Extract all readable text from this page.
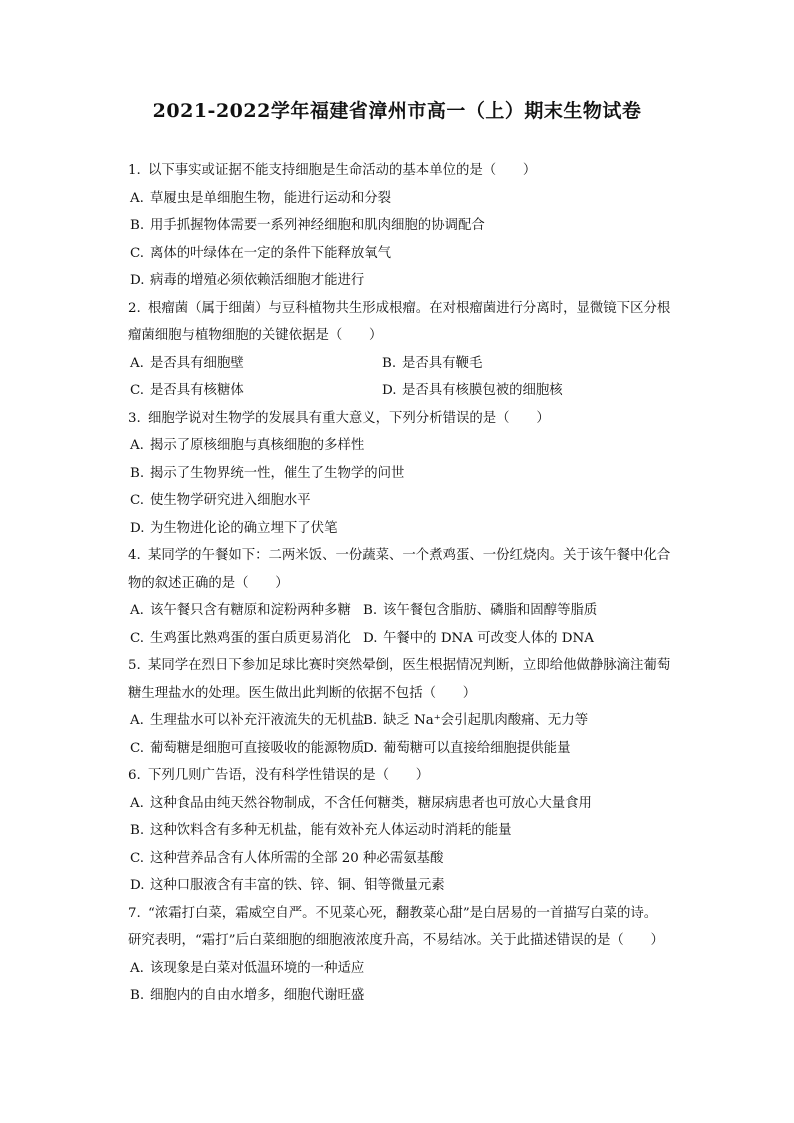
2021-2022学年福建省漳州市高一（上）期末生物试卷
1. 以下事实或证据不能支持细胞是生命活动的基本单位的是（　　）
A. 草履虫是单细胞生物，能进行运动和分裂
B. 用手抓握物体需要一系列神经细胞和肌肉细胞的协调配合
C. 离体的叶绿体在一定的条件下能释放氧气
D. 病毒的增殖必须依赖活细胞才能进行
2. 根瘤菌（属于细菌）与豆科植物共生形成根瘤。在对根瘤菌进行分离时，显微镜下区分根
瘤菌细胞与植物细胞的关键依据是（　　）
A. 是否具有细胞壁	B. 是否具有鞭毛
C. 是否具有核糖体	D. 是否具有核膜包被的细胞核
3. 细胞学说对生物学的发展具有重大意义，下列分析错误的是（　　）
A. 揭示了原核细胞与真核细胞的多样性
B. 揭示了生物界统一性，催生了生物学的问世
C. 使生物学研究进入细胞水平
D. 为生物进化论的确立埋下了伏笔
4. 某同学的午餐如下：二两米饭、一份蔬菜、一个煮鸡蛋、一份红烧肉。关于该午餐中化合
物的叙述正确的是（　　）
A. 该午餐只含有糖原和淀粉两种多糖 B. 该午餐包含脂肪、磷脂和固醇等脂质
C. 生鸡蛋比熟鸡蛋的蛋白质更易消化 D. 午餐中的 DNA 可改变人体的 DNA
5. 某同学在烈日下参加足球比赛时突然晕倒，医生根据情况判断，立即给他做静脉滴注葡萄
糖生理盐水的处理。医生做出此判断的依据不包括（　　）
A. 生理盐水可以补充汗液流失的无机盐
B. 缺乏 Na⁺会引起肌肉酸痛、无力等
C. 葡萄糖是细胞可直接吸收的能源物质
D. 葡萄糖可以直接给细胞提供能量
6. 下列几则广告语，没有科学性错误的是（　　）
A. 这种食品由纯天然谷物制成，不含任何糖类，糖尿病患者也可放心大量食用
B. 这种饮料含有多种无机盐，能有效补充人体运动时消耗的能量
C. 这种营养品含有人体所需的全部 20 种必需氨基酸
D. 这种口服液含有丰富的铁、锌、铜、钼等微量元素
7. “浓霜打白菜，霜威空自严。不见菜心死，翻教菜心甜”是白居易的一首描写白菜的诗。
研究表明，“霜打”后白菜细胞的细胞液浓度升高，不易结冰。关于此描述错误的是（　　）
A. 该现象是白菜对低温环境的一种适应
B. 细胞内的自由水增多，细胞代谢旺盛
